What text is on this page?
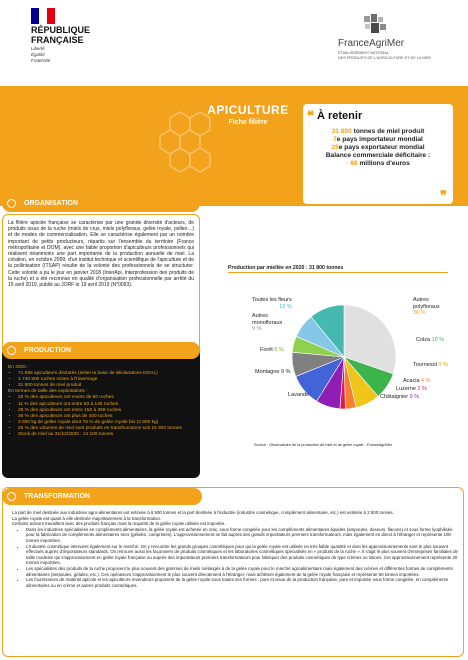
RÉPUBLIQUE
FRANÇAISE
Liberté
Égalité
Fraternité
FranceAgriMer
ÉTABLISSEMENT NATIONAL
DES PRODUITS DE L'AGRICULTURE ET DE LA MER
APICULTURE
Fiche filière	❝ À retenir
31 800 tonnes de miel produit
7e pays importateur mondial
26e pays exportateur mondial
Balance commerciale déficitaire :
- 88 millions d'euros
❞
ORGANISATION
La filière apicole française se caractérise par une grande diversité d'acteurs, de produits issus de la ruche (miels de crus, miels polyfloraux, gelée royale, pollen…) et de modes de commercialisation. Elle se caractérise également par un nombre important de petits producteurs, répartis sur l'ensemble du territoire (France métropolitaine et DOM), avec une faible proportion d'apiculteurs professionnels qui réalisent néanmoins une part importante de la production annuelle de miel. La création, en octobre 2009, d'un institut technique et scientifique de l'apiculture et de la pollinisation (ITSAP) résulte de la volonté des professionnels de se structurer. Cette volonté a pu le jour en janvier 2018 (InterApi, Interprofession des produits de la ruche) et a été reconnue en qualité d'organisation professionnelle par arrêté du 15 avril 2019, publié au JORF le 19 avril 2019 (N°0093).
PRODUCTION
En 2020 :
• 71 598 apiculteurs déclarés (selon la base de déclarations DGAL)
• 1 740 600 ruches mises à l'hivernage
• 31 800 tonnes de miel produit
En termes de taille des exploitations :
• 25 % des apiculteurs ont moins de 50 ruches
• 11 % des apiculteurs ont entre 50 à 149 ruches
• 28 % des apiculteurs ont entre 150 à 399 ruches
• 36 % des apiculteurs ont plus de 400 ruches
• 3 800 kg de gelée royale dont 76 % de gelée royale bio (2 900 kg)
• 25 % des volumes de miel sont produits en transhumance soit 15 300 tonnes
• Stock de miel au 31/12/2020 : 14 100 tonnes
Production par miellée en 2020 : 31 800 tonnes
Toutes les fleurs
13 %
Autres
monofloraux
9 %
Forêt 6 %
Montagne 9 %
Lavande 12 %
Autres
polyfloraux
36 %
Colza 10 %
Tournesol 9 %
Acacia 4 %
Luzerne 2 %
Châtaignier 9 %
Source : Observatoire de la production de miel et de gelée royale - FranceAgriMer
TRANSFORMATION
La part de miel destinée aux industries agro-alimentaires est estimée à 6 500 tonnes et la part destinée à l'industrie (industrie cosmétique, complément alimentaire, etc.) est estimée à 2 500 tonnes.
La gelée royale est quant à elle destinée majoritairement à la transformation.
Certains acteurs travaillent avec des produits français mais la majorité de la gelée royale utilisée est importée.
• Dans les industries spécialisées en compléments alimentaires, la gelée royale est achetée en vrac, sous forme congelée pour les compléments alimentaires liquides (ampoules, doseurs, flacons) et sous forme lyophilisée pour la fabrication de compléments alimentaires secs (gélules, comprimés). L'approvisionnement se fait auprès des grands importateurs premiers transformateurs, mais également en direct à l'étranger et représente 100 tonnes importées.
• L'industrie cosmétique intervient également sur le marché. On y rencontre les grands groupes cosmétiques pour qui la gelée royale est utilisée en très faible quantité et dont les approvisionnements sont le plus souvent effectués auprès d'importateurs standards. On retrouve aussi les façonniers de produits cosmétiques et les laboratoires cosmétiques spécialisés en « produits de la ruche ». Il s'agit le plus souvent d'entreprises familiales de taille modeste qui s'approvisionnent en gelée royale française ou auprès des importateurs premiers transformateurs pour fabriquer des produits cosmétiques de type crèmes ou lotions. Cet approvisionnement représente 20 tonnes importées.
• Les spécialistes des produits de la ruche proposent le plus souvent des gammes de miels mélangés à de la gelée royale pour le marché agroalimentaire mais également des crèmes et différentes formes de compléments alimentaires (ampoules, gélules, etc.). Ces opérateurs s'approvisionnent le plus souvent directement à l'étranger, mais achètent également de la gelée royale française et représente 60 tonnes importées.
• Les fournisseurs de matériel apicole et les apiculteurs revendeurs proposent de la gelée royale sous toutes ses formes : pure et issue de la production française, pure et importée sous forme congelée, en compléments alimentaires ou en crème et autres produits cosmétiques.
